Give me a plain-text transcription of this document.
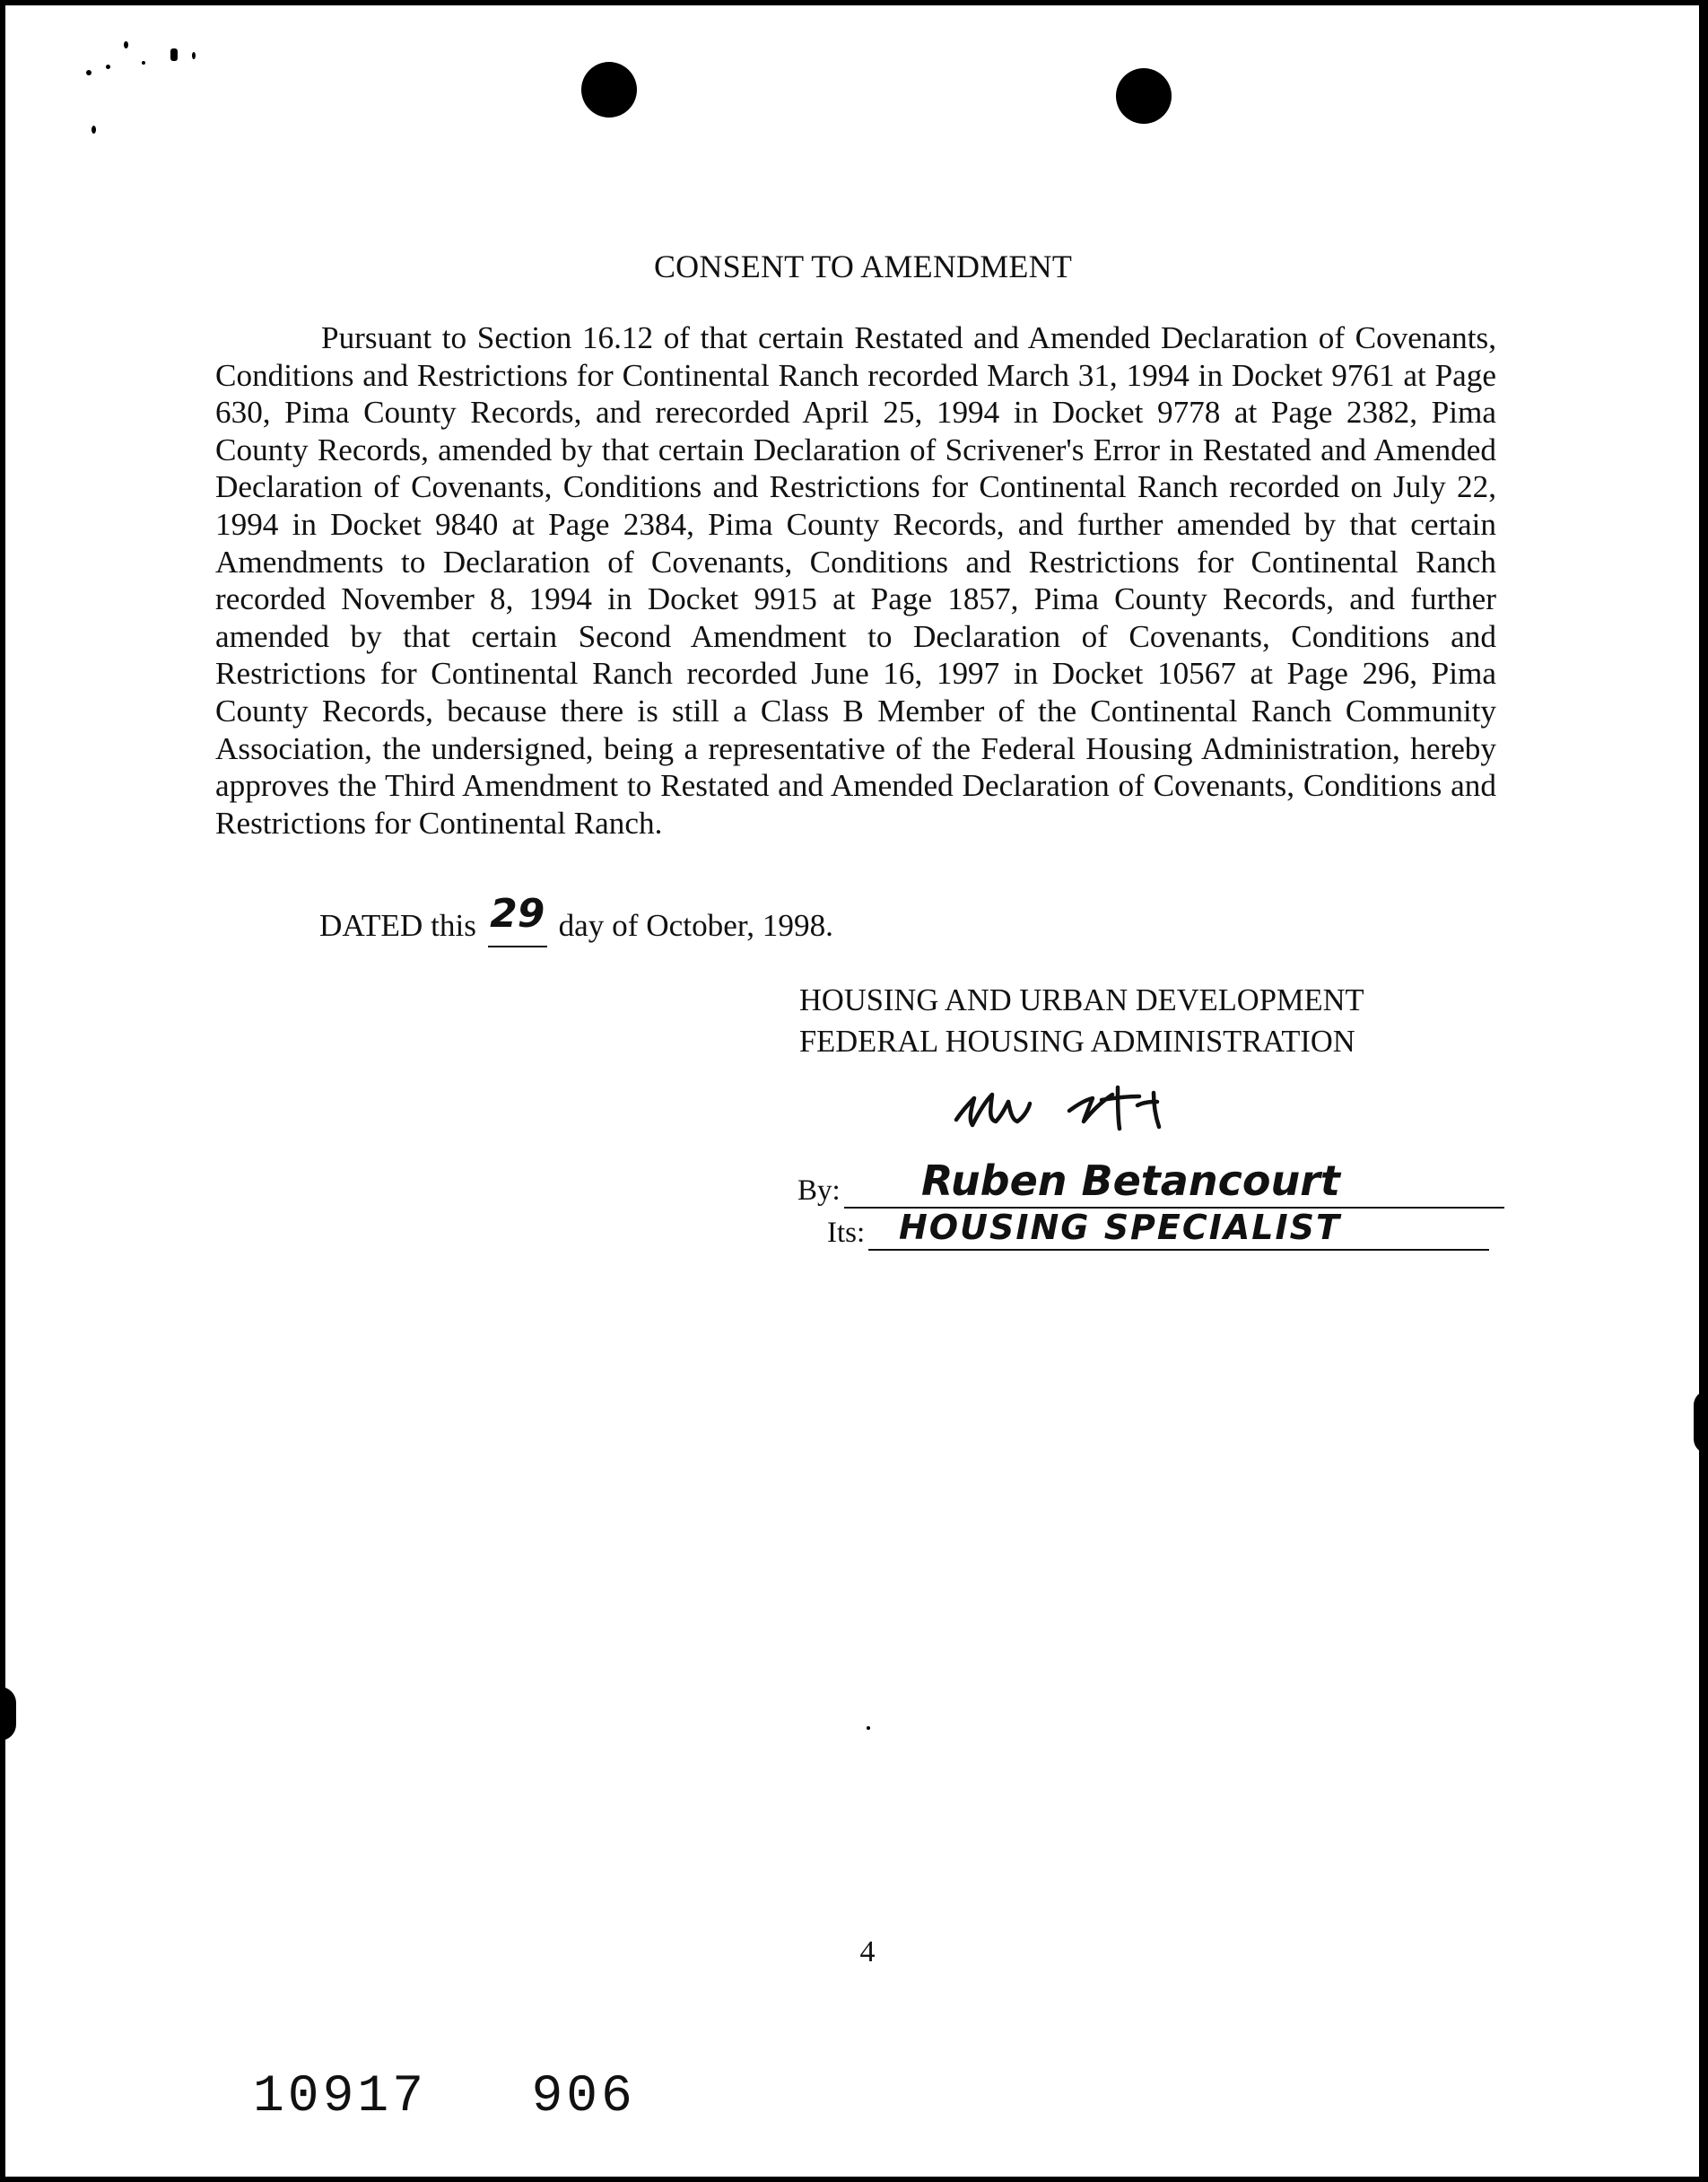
CONSENT TO AMENDMENT
Pursuant to Section 16.12 of that certain Restated and Amended Declaration of Covenants, Conditions and Restrictions for Continental Ranch recorded March 31, 1994 in Docket 9761 at Page 630, Pima County Records, and rerecorded April 25, 1994 in Docket 9778 at Page 2382, Pima County Records, amended by that certain Declaration of Scrivener's Error in Restated and Amended Declaration of Covenants, Conditions and Restrictions for Continental Ranch recorded on July 22, 1994 in Docket 9840 at Page 2384, Pima County Records, and further amended by that certain Amendments to Declaration of Covenants, Conditions and Restrictions for Continental Ranch recorded November 8, 1994 in Docket 9915 at Page 1857, Pima County Records, and further amended by that certain Second Amendment to Declaration of Covenants, Conditions and Restrictions for Continental Ranch recorded June 16, 1997 in Docket 10567 at Page 296, Pima County Records, because there is still a Class B Member of the Continental Ranch Community Association, the undersigned, being a representative of the Federal Housing Administration, hereby approves the Third Amendment to Restated and Amended Declaration of Covenants, Conditions and Restrictions for Continental Ranch.
DATED this 29 day of October, 1998.
HOUSING AND URBAN DEVELOPMENT
FEDERAL HOUSING ADMINISTRATION
By: Ruben Betancourt
Its: HOUSING SPECIALIST
4
10917   906
